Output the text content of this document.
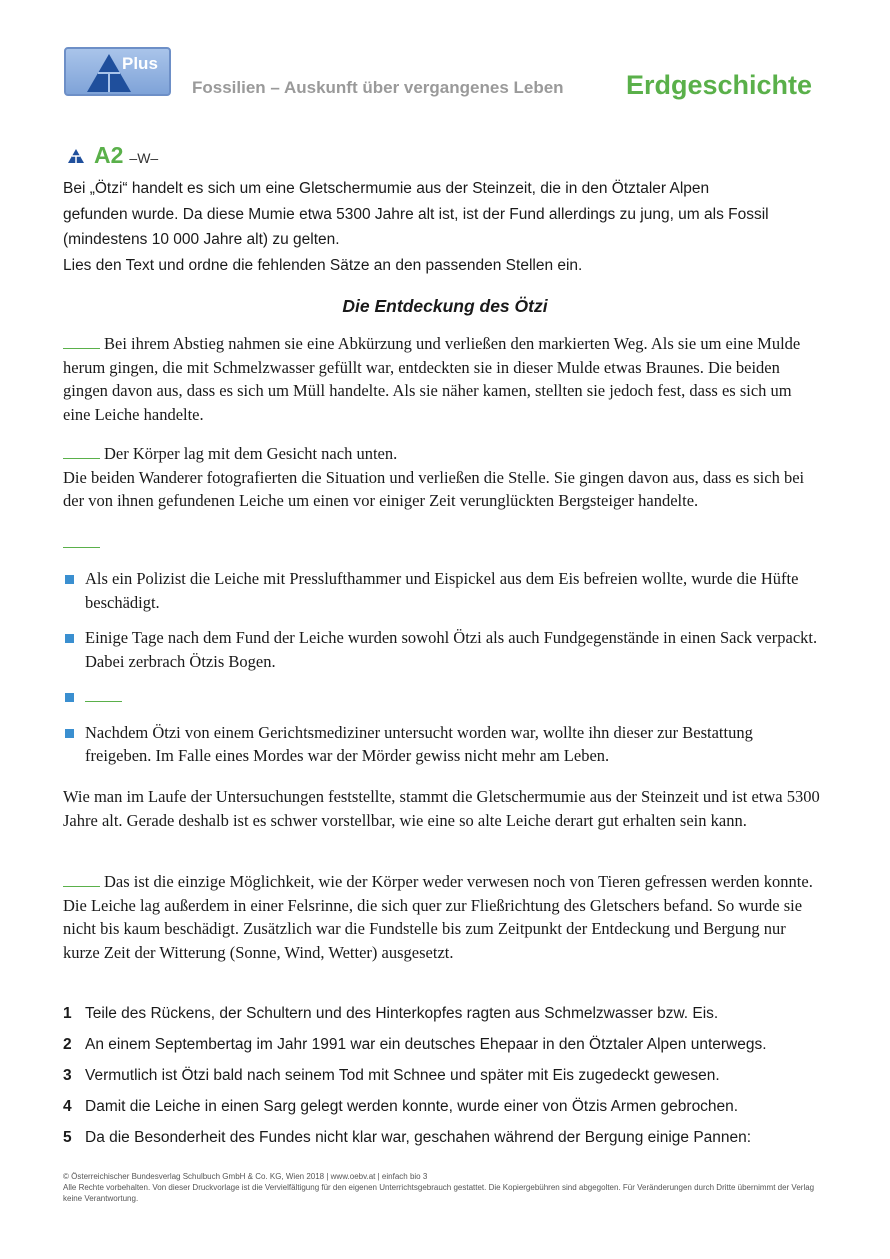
Plus
Fossilien – Auskunft über vergangenes Leben Erdgeschichte
A2 –W–

Bei „Ötzi“ handelt es sich um eine Gletschermumie aus der Steinzeit, die in den Ötztaler Alpen

gefunden wurde. Da diese Mumie etwa 5300 Jahre alt ist, ist der Fund allerdings zu jung, um als Fossil

(mindestens 10 000 Jahre alt) zu gelten.

Lies den Text und ordne die fehlenden Sätze an den passenden Stellen ein.

Die Entdeckung des Ötzi
Bei ihrem Abstieg nahmen sie eine Abkürzung und verließen den markierten Weg. Als sie um eine Mulde herum gingen, die mit Schmelzwasser gefüllt war, entdeckten sie in dieser Mulde etwas Braunes. Die beiden gingen davon aus, dass es sich um Müll handelte. Als sie näher kamen, stellten sie jedoch fest, dass es sich um eine Leiche handelte.
Der Körper lag mit dem Gesicht nach unten.
Die beiden Wanderer fotografierten die Situation und verließen die Stelle. Sie gingen davon aus, dass es sich bei der von ihnen gefundenen Leiche um einen vor einiger Zeit verunglückten Bergsteiger handelte.
Als ein Polizist die Leiche mit Presslufthammer und Eispickel aus dem Eis befreien wollte, wurde die Hüfte beschädigt.
Einige Tage nach dem Fund der Leiche wurden sowohl Ötzi als auch Fundgegenstände in einen Sack verpackt. Dabei zerbrach Ötzis Bogen.
Nachdem Ötzi von einem Gerichtsmediziner untersucht worden war, wollte ihn dieser zur Bestattung freigeben. Im Falle eines Mordes war der Mörder gewiss nicht mehr am Leben.
Wie man im Laufe der Untersuchungen feststellte, stammt die Gletschermumie aus der Steinzeit und ist etwa 5300 Jahre alt. Gerade deshalb ist es schwer vorstellbar, wie eine so alte Leiche derart gut erhalten sein kann.
Das ist die einzige Möglichkeit, wie der Körper weder verwesen noch von Tieren gefressen werden konnte. Die Leiche lag außerdem in einer Felsrinne, die sich quer zur Fließrichtung des Gletschers befand. So wurde sie nicht bis kaum beschädigt. Zusätzlich war die Fundstelle bis zum Zeitpunkt der Entdeckung und Bergung nur kurze Zeit der Witterung (Sonne, Wind, Wetter) ausgesetzt.
1 Teile des Rückens, der Schultern und des Hinterkopfes ragten aus Schmelzwasser bzw. Eis.
2 An einem Septembertag im Jahr 1991 war ein deutsches Ehepaar in den Ötztaler Alpen unterwegs.
3 Vermutlich ist Ötzi bald nach seinem Tod mit Schnee und später mit Eis zugedeckt gewesen.
4 Damit die Leiche in einen Sarg gelegt werden konnte, wurde einer von Ötzis Armen gebrochen.
5 Da die Besonderheit des Fundes nicht klar war, geschahen während der Bergung einige Pannen:
© Österreichischer Bundesverlag Schulbuch GmbH & Co. KG, Wien 2018 | www.oebv.at | einfach bio 3
Alle Rechte vorbehalten. Von dieser Druckvorlage ist die Vervielfältigung für den eigenen Unterrichtsgebrauch gestattet. Die Kopiergebühren sind abgegolten. Für Veränderungen durch Dritte übernimmt der Verlag keine Verantwortung.
